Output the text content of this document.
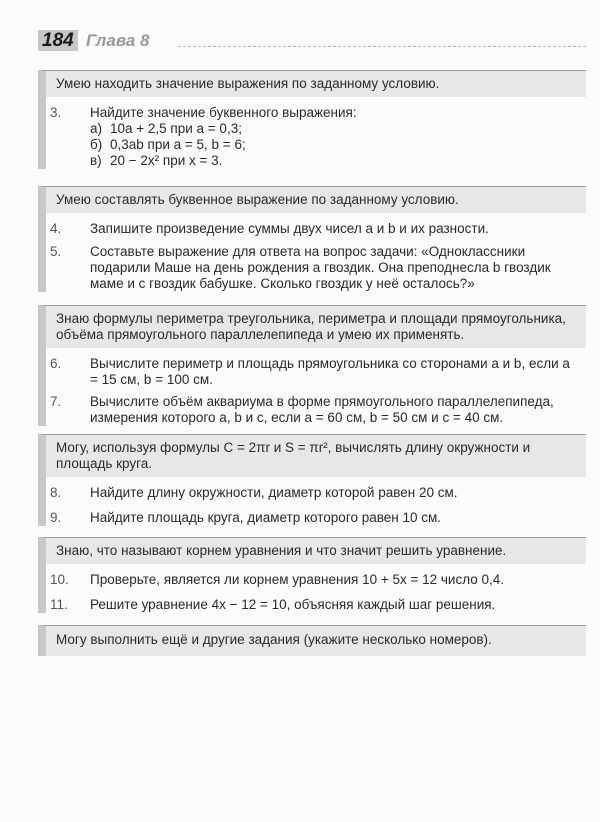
184 Глава 8
Умею находить значение выражения по заданному условию.
3.	Найдите значение буквенного выражения:
а) 10a + 2,5 при a = 0,3;
б) 0,3ab при a = 5, b = 6;
в) 20 − 2x² при x = 3.
Умею составлять буквенное выражение по заданному условию.
4.	Запишите произведение суммы двух чисел a и b и их разности.
5.	Составьте выражение для ответа на вопрос задачи: «Одноклассники подарили Маше на день рождения a гвоздик. Она преподнесла b гвоздик маме и c гвоздик бабушке. Сколько гвоздик у неё осталось?»
Знаю формулы периметра треугольника, периметра и площади прямоугольника, объёма прямоугольного параллелепипеда и умею их применять.
6.	Вычислите периметр и площадь прямоугольника со сторонами a и b, если a = 15 см, b = 100 см.
7.	Вычислите объём аквариума в форме прямоугольного параллелепипеда, измерения которого a, b и c, если a = 60 см, b = 50 см и c = 40 см.
Могу, используя формулы C = 2πr и S = πr², вычислять длину окружности и площадь круга.
8.	Найдите длину окружности, диаметр которой равен 20 см.
9.	Найдите площадь круга, диаметр которого равен 10 см.
Знаю, что называют корнем уравнения и что значит решить уравнение.
10.	Проверьте, является ли корнем уравнения 10 + 5x = 12 число 0,4.
11.	Решите уравнение 4x − 12 = 10, объясняя каждый шаг решения.
Могу выполнить ещё и другие задания (укажите несколько номеров).
